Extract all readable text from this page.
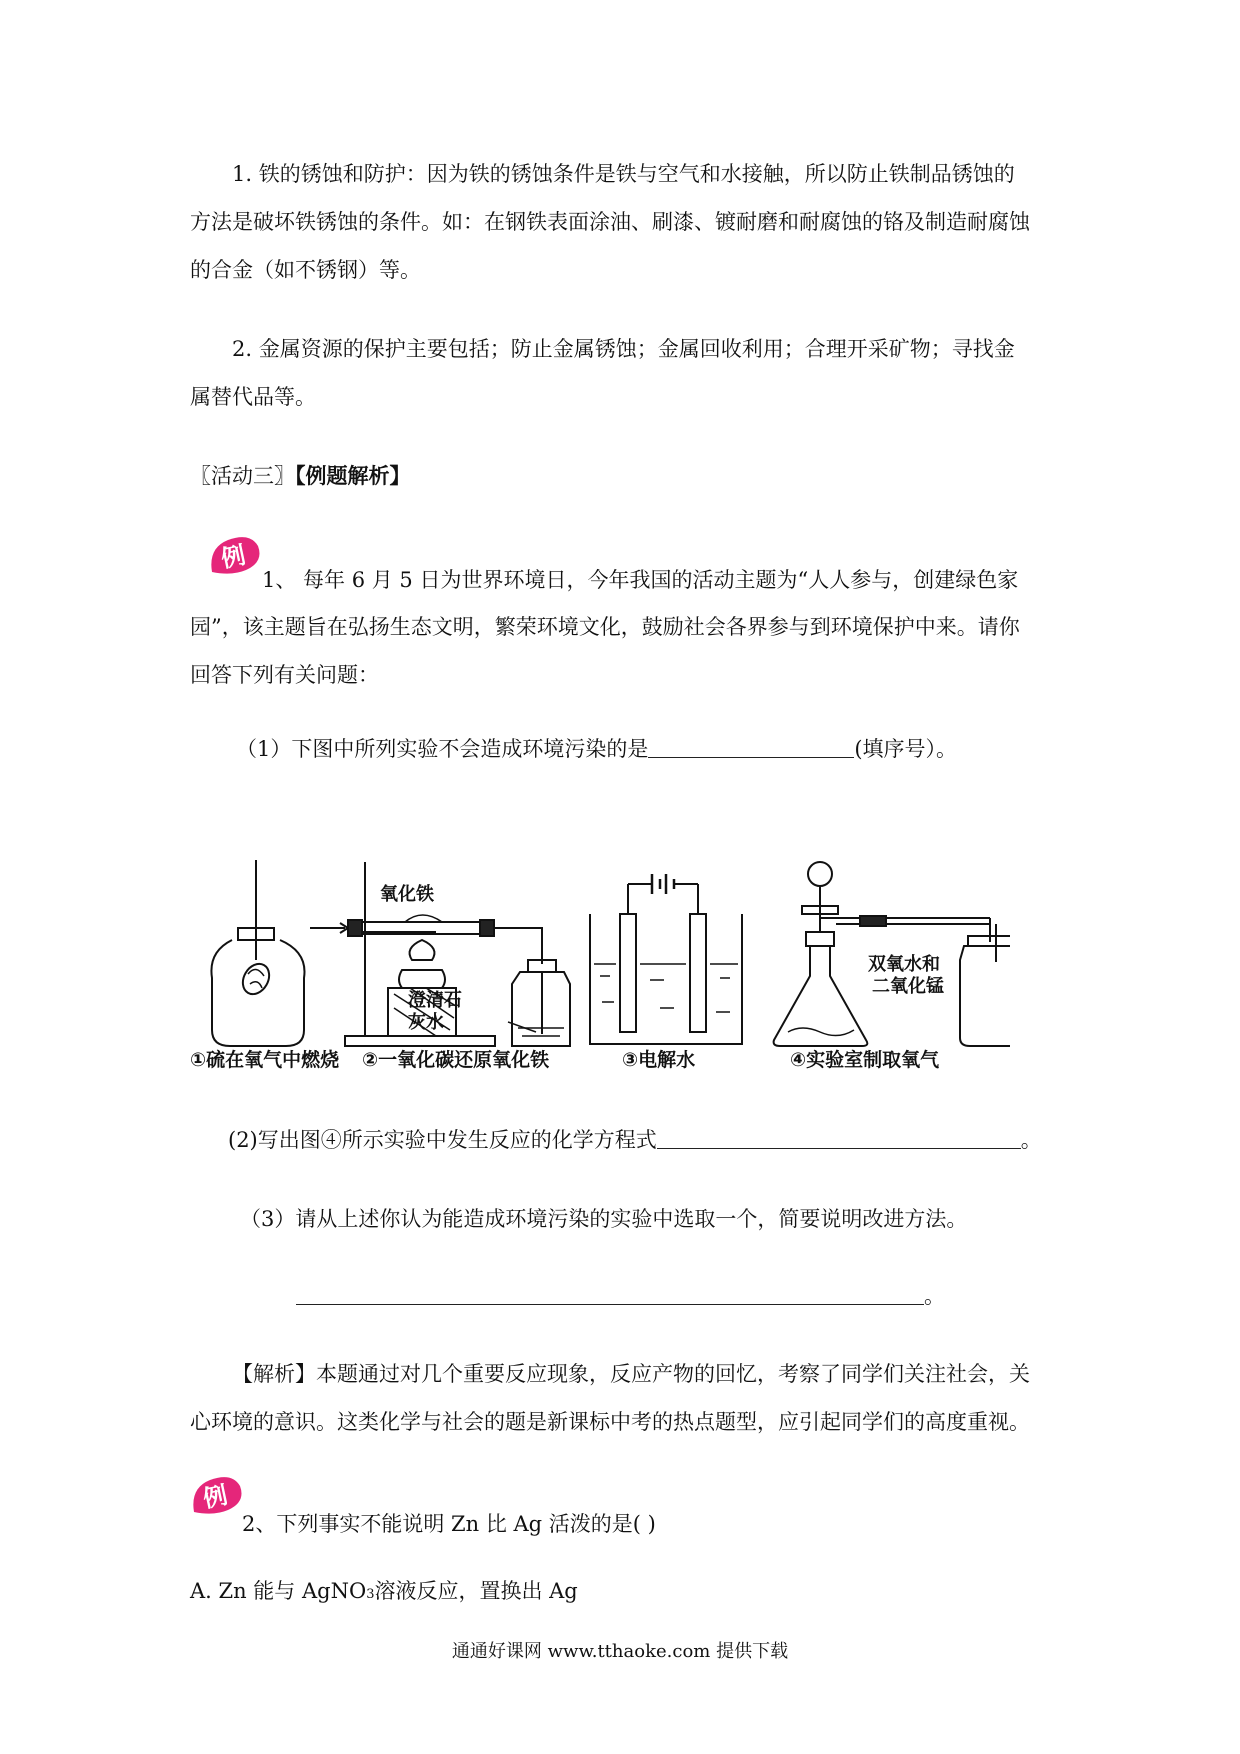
1. 铁的锈蚀和防护：因为铁的锈蚀条件是铁与空气和水接触，所以防止铁制品锈蚀的
方法是破坏铁锈蚀的条件。如：在钢铁表面涂油、刷漆、镀耐磨和耐腐蚀的铬及制造耐腐蚀
的合金（如不锈钢）等。
2. 金属资源的保护主要包括；防止金属锈蚀；金属回收利用；合理开采矿物；寻找金
属替代品等。
〖活动三〗【例题解析】
例
1、 每年 6 月 5 日为世界环境日，今年我国的活动主题为“人人参与，创建绿色家
园”，该主题旨在弘扬生态文明，繁荣环境文化，鼓励社会各界参与到环境保护中来。请你
回答下列有关问题：
（1）下图中所列实验不会造成环境污染的是	(填序号）。
氧化铁
澄清石
灰水
双氧水和
二氧化锰
①硫在氧气中燃烧 ②一氧化碳还原氧化铁	③电解水	④实验室制取氧气
(2)写出图④所示实验中发生反应的化学方程式	。
（3）请从上述你认为能造成环境污染的实验中选取一个，简要说明改进方法。
。
【解析】本题通过对几个重要反应现象，反应产物的回忆，考察了同学们关注社会，关
心环境的意识。这类化学与社会的题是新课标中考的热点题型，应引起同学们的高度重视。
例
2、下列事实不能说明 Zn 比 Ag 活泼的是( )
A. Zn 能与 AgNO3溶液反应，置换出 Ag
通通好课网 www.tthaoke.com 提供下载
